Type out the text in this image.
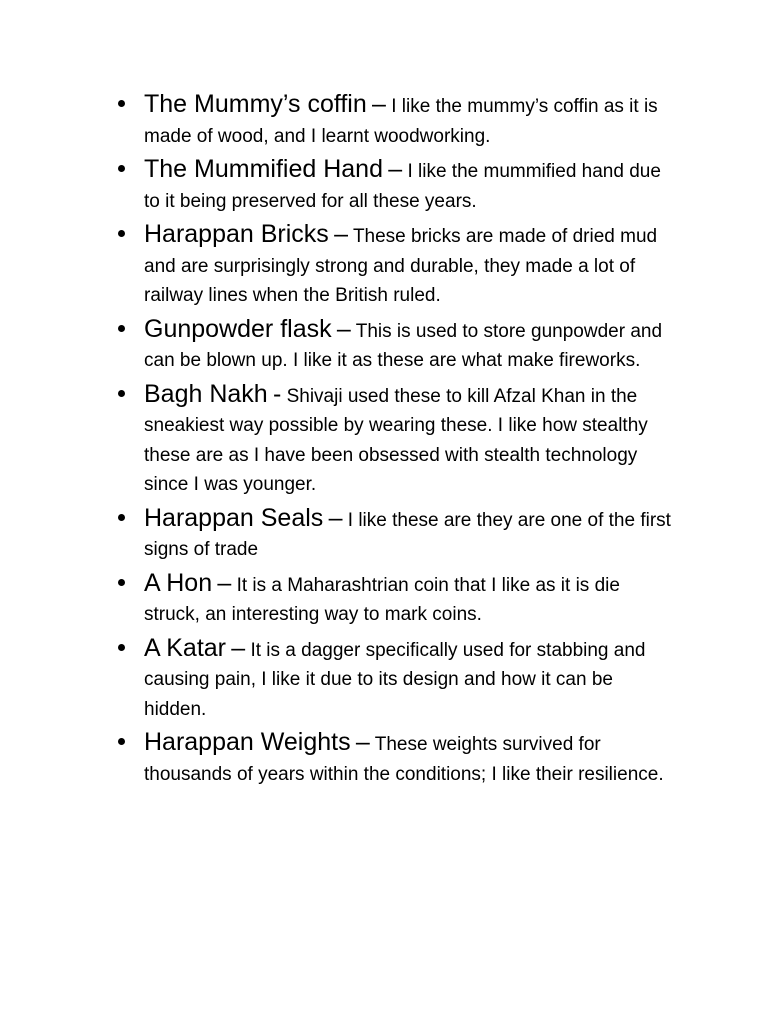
The Mummy’s coffin – I like the mummy’s coffin as it is made of wood, and I learnt woodworking.
The Mummified Hand – I like the mummified hand due to it being preserved for all these years.
Harappan Bricks – These bricks are made of dried mud and are surprisingly strong and durable, they made a lot of railway lines when the British ruled.
Gunpowder flask – This is used to store gunpowder and can be blown up. I like it as these are what make fireworks.
Bagh Nakh - Shivaji used these to kill Afzal Khan in the sneakiest way possible by wearing these. I like how stealthy these are as I have been obsessed with stealth technology since I was younger.
Harappan Seals – I like these are they are one of the first signs of trade
A Hon – It is a Maharashtrian coin that I like as it is die struck, an interesting way to mark coins.
A Katar – It is a dagger specifically used for stabbing and causing pain, I like it due to its design and how it can be hidden.
Harappan Weights – These weights survived for thousands of years within the conditions; I like their resilience.
